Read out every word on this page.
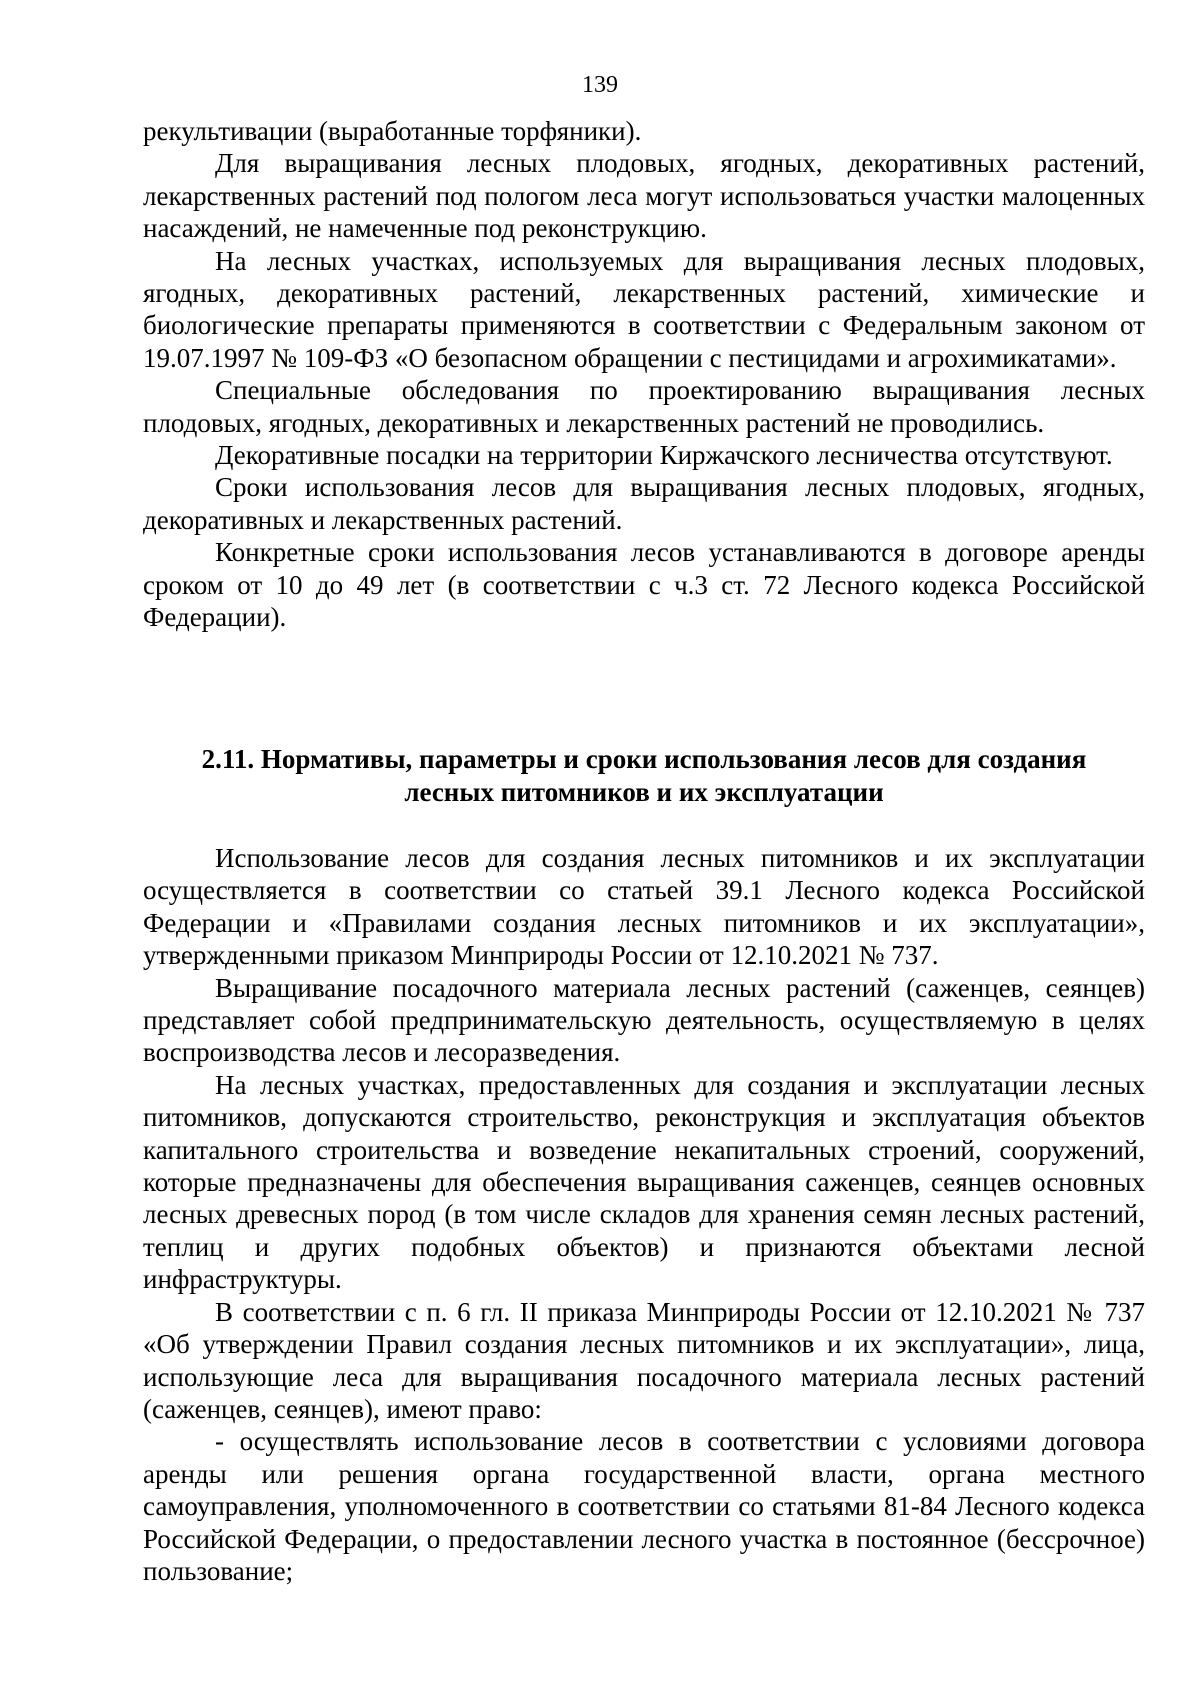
139

рекультивации (выработанные торфяники).

Для выращивания лесных плодовых, ягодных, декоративных растений, лекарственных растений под пологом леса могут использоваться участки малоценных насаждений, не намеченные под реконструкцию.

На лесных участках, используемых для выращивания лесных плодовых, ягодных, декоративных растений, лекарственных растений, химические и биологические препараты применяются в соответствии с Федеральным законом от 19.07.1997 № 109-ФЗ «О безопасном обращении с пестицидами и агрохимикатами».

Специальные обследования по проектированию выращивания лесных плодовых, ягодных, декоративных и лекарственных растений не проводились.

Декоративные посадки на территории Киржачского лесничества отсутствуют.

Сроки использования лесов для выращивания лесных плодовых, ягодных, декоративных и лекарственных растений.

Конкретные сроки использования лесов устанавливаются в договоре аренды сроком от 10 до 49 лет (в соответствии с ч.3 ст. 72 Лесного кодекса Российской Федерации).

2.11. Нормативы, параметры и сроки использования лесов для создания
лесных питомников и их эксплуатации

Использование лесов для создания лесных питомников и их эксплуатации осуществляется в соответствии со статьей 39.1 Лесного кодекса Российской Федерации и «Правилами создания лесных питомников и их эксплуатации», утвержденными приказом Минприроды России от 12.10.2021 № 737.

Выращивание посадочного материала лесных растений (саженцев, сеянцев) представляет собой предпринимательскую деятельность, осуществляемую в целях воспроизводства лесов и лесоразведения.

На лесных участках, предоставленных для создания и эксплуатации лесных питомников, допускаются строительство, реконструкция и эксплуатация объектов капитального строительства и возведение некапитальных строений, сооружений, которые предназначены для обеспечения выращивания саженцев, сеянцев основных лесных древесных пород (в том числе складов для хранения семян лесных растений, теплиц и других подобных объектов) и признаются объектами лесной инфраструктуры.

В соответствии с п. 6 гл. II приказа Минприроды России от 12.10.2021 № 737 «Об утверждении Правил создания лесных питомников и их эксплуатации», лица, использующие леса для выращивания посадочного материала лесных растений (саженцев, сеянцев), имеют право:

- осуществлять использование лесов в соответствии с условиями договора аренды или решения органа государственной власти, органа местного самоуправления, уполномоченного в соответствии со статьями 81-84 Лесного кодекса Российской Федерации, о предоставлении лесного участка в постоянное (бессрочное) пользование;
